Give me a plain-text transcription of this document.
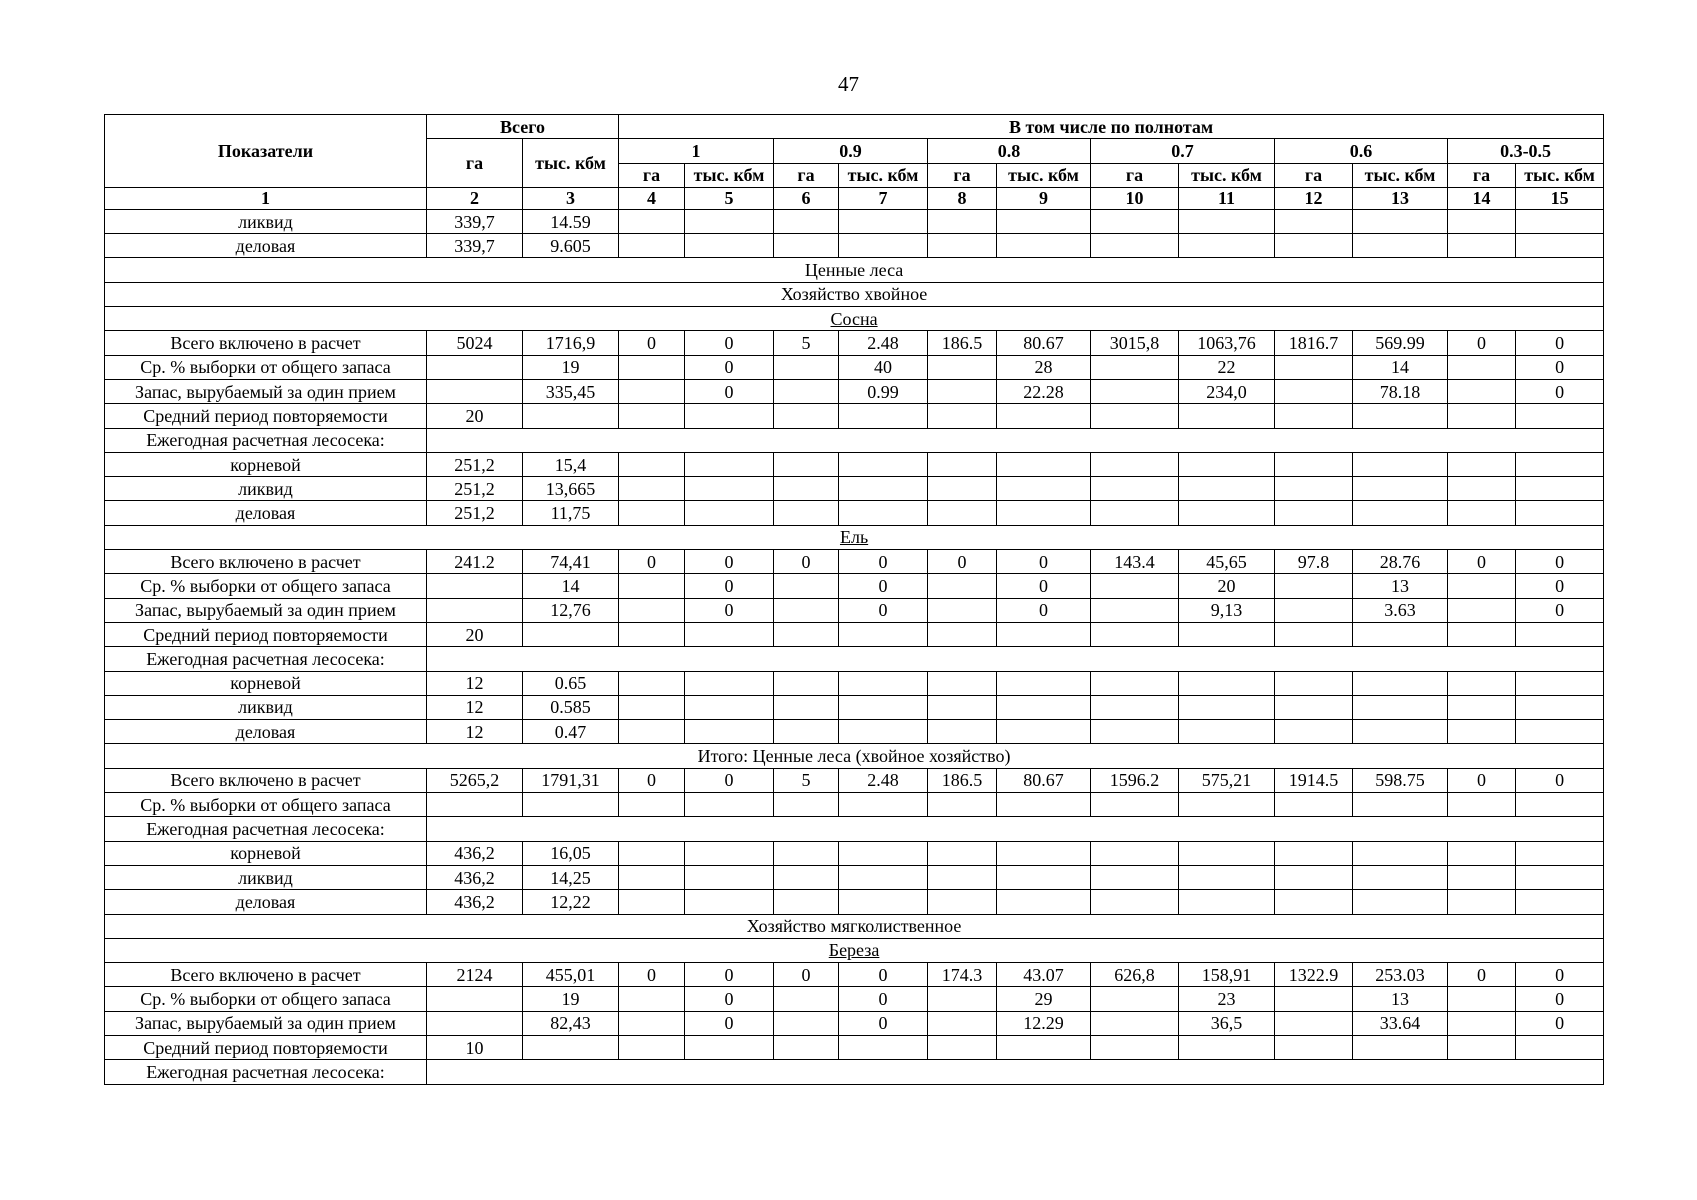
47
Показатели	Всего		В том числе по полнотам											
	га	тыс. кбм	1		0.9		0.8		0.7		0.6		0.3-0.5	
			га	тыс. кбм	га	тыс. кбм	га	тыс. кбм	га	тыс. кбм	га	тыс. кбм	га	тыс. кбм
1	2	3	4	5	6	7	8	9	10	11	12	13	14	15
ликвид	339,7	14.59												
деловая	339,7	9.605												
Ценные леса														
Хозяйство хвойное														
Сосна														
Всего включено в расчет	5024	1716,9	0	0	5	2.48	186.5	80.67	3015,8	1063,76	1816.7	569.99	0	0
Ср. % выборки от общего запаса		19		0		40		28		22		14		0
Запас, вырубаемый за один прием		335,45		0		0.99		22.28		234,0		78.18		0
Средний период повторяемости	20													
Ежегодная расчетная лесосека:														
корневой	251,2	15,4												
ликвид	251,2	13,665												
деловая	251,2	11,75												
Ель														
Всего включено в расчет	241.2	74,41	0	0	0	0	0	0	143.4	45,65	97.8	28.76	0	0
Ср. % выборки от общего запаса		14		0		0		0		20		13		0
Запас, вырубаемый за один прием		12,76		0		0		0		9,13		3.63		0
Средний период повторяемости	20													
Ежегодная расчетная лесосека:														
корневой	12	0.65												
ликвид	12	0.585												
деловая	12	0.47												
Итого: Ценные леса (хвойное хозяйство)														
Всего включено в расчет	5265,2	1791,31	0	0	5	2.48	186.5	80.67	1596.2	575,21	1914.5	598.75	0	0
Ср. % выборки от общего запаса														
Ежегодная расчетная лесосека:														
корневой	436,2	16,05												
ликвид	436,2	14,25												
деловая	436,2	12,22												
Хозяйство мягколиственное														
Береза														
Всего включено в расчет	2124	455,01	0	0	0	0	174.3	43.07	626,8	158,91	1322.9	253.03	0	0
Ср. % выборки от общего запаса		19		0		0		29		23		13		0
Запас, вырубаемый за один прием		82,43		0		0		12.29		36,5		33.64		0
Средний период повторяемости	10													
Ежегодная расчетная лесосека:														
